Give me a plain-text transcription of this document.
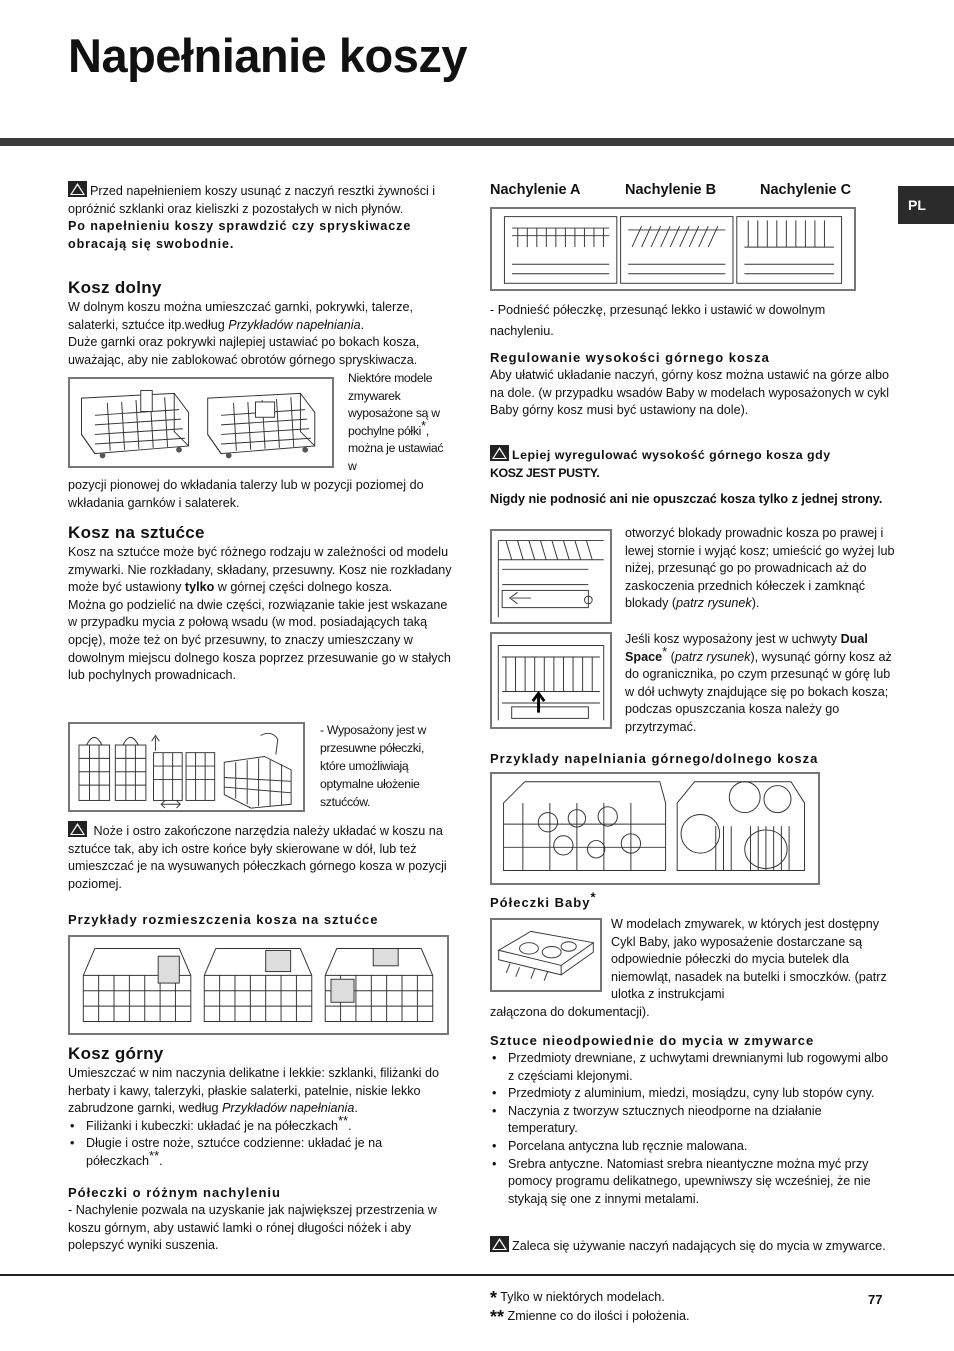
Napełnianie koszy
PL

Przed napełnieniem koszy usunąć z naczyń resztki żywności i opróżnić szklanki oraz kieliszki z pozostałych w nich płynów.

Po napełnieniu koszy sprawdzić czy spryskiwacze obracają się swobodnie.

Kosz dolny

W dolnym koszu można umieszczać garnki, pokrywki, talerze, salaterki, sztućce itp.według Przykładów napełniania.

Duże garnki oraz pokrywki najlepiej ustawiać po bokach kosza, uważając, aby nie zablokować obrotów górnego spryskiwacza.

Niektóre modele zmywarek wyposażone są w pochylne półki*, można je ustawiać w

pozycji pionowej do wkładania talerzy lub w pozycji poziomej do wkładania garnków i salaterek.

Kosz na sztućce

Kosz na sztućce może być różnego rodzaju w zależności od modelu zmywarki. Nie rozkładany, składany, przesuwny. Kosz nie rozkładany może być ustawiony tylko w górnej części dolnego kosza.

Można go podzielić na dwie części, rozwiązanie takie jest wskazane w przypadku mycia z połową wsadu (w mod. posiadających taką opcję), może też on być przesuwny, to znaczy umieszczany w dowolnym miejscu dolnego kosza poprzez przesuwanie go w stałych lub pochylnych prowadnicach.

- Wyposażony jest w przesuwne półeczki, które umożliwiają optymalne ułożenie sztućców.

Noże i ostro zakończone narzędzia należy układać w koszu na sztućce tak, aby ich ostre końce były skierowane w dół, lub też umieszczać je na wysuwanych półeczkach górnego kosza w pozycji poziomej.

Przykłady rozmieszczenia kosza na sztućce

Kosz górny

Umieszczać w nim naczynia delikatne i lekkie: szklanki, filiżanki do herbaty i kawy, talerzyki, płaskie salaterki, patelnie, niskie lekko zabrudzone garnki, według Przykładów napełniania.

• Filiżanki i kubeczki: układać je na półeczkach**.
• Długie i ostre noże, sztućce codzienne: układać je na półeczkach**.

Półeczki o różnym nachyleniu

- Nachylenie pozwala na uzyskanie jak największej przestrzenia w koszu górnym, aby ustawić lamki o rónej długości nóżek i aby polepszyć wyniki suszenia.

Nachylenie A	Nachylenie B	Nachylenie C

- Podnieść półeczkę, przesunąć lekko i ustawić w dowolnym nachyleniu.

Regulowanie wysokości górnego kosza

Aby ułatwić układanie naczyń, górny kosz można ustawić na górze albo na dole. (w przypadku wsadów Baby w modelach wyposażonych w cykl Baby górny kosz musi być ustawiony na dole).

Lepiej wyregulować wysokość górnego kosza gdy

KOSZ JEST PUSTY.

Nigdy nie podnosić ani nie opuszczać kosza tylko z jednej strony.

otworzyć blokady prowadnic kosza po prawej i lewej stornie i wyjąć kosz; umieścić go wyżej lub niżej, przesunąć go po prowadnicach aż do zaskoczenia przednich kółeczek i zamknąć blokady (patrz rysunek).

Jeśli kosz wyposażony jest w uchwyty Dual Space* (patrz rysunek), wysunąć górny kosz aż do ogranicznika, po czym przesunąć w górę lub w dół uchwyty znajdujące się po bokach kosza; podczas opuszczania kosza należy go przytrzymać.

Przyklady napelniania górnego/dolnego kosza

Półeczki Baby*

W modelach zmywarek, w których jest dostępny Cykl Baby, jako wyposażenie dostarczane są odpowiednie półeczki do mycia butelek dla niemowląt, nasadek na butelki i smoczków. (patrz ulotka z instrukcjami

załączona do dokumentacji).

Sztuce nieodpowiednie do mycia w zmywarce

• Przedmioty drewniane, z uchwytami drewnianymi lub rogowymi albo z częściami klejonymi.
• Przedmioty z aluminium, miedzi, mosiądzu, cyny lub stopów cyny.
• Naczynia z tworzyw sztucznych nieodporne na działanie temperatury.
• Porcelana antyczna lub ręcznie malowana.
• Srebra antyczne. Natomiast srebra nieantyczne można myć przy pomocy programu delikatnego, upewniwszy się wcześniej, że nie stykają się one z innymi metalami.

Zaleca się używanie naczyń nadających się do mycia w zmywarce.

* Tylko w niektórych modelach.
** Zmienne co do ilości i położenia.
77
